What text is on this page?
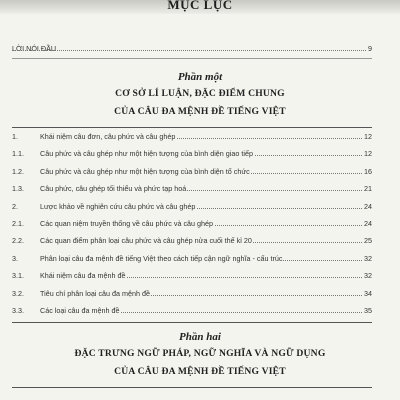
MỤC LỤC
LỜI NÓI ĐẦU	9
Phần một
CƠ SỞ LÍ LUẬN, ĐẶC ĐIỂM CHUNG
CỦA CÂU ĐA MỆNH ĐỀ TIẾNG VIỆT
1.	Khái niệm câu đơn, câu phức và câu ghép	12
1.1. Câu phức và câu ghép như một hiện tượng của bình diện giao tiếp	12
1.2. Câu phức và câu ghép như một hiện tượng của bình diện tổ chức	16
1.3. Câu phức, câu ghép tối thiểu và phức tạp hoá	21
2.	Lược khảo về nghiên cứu câu phức và câu ghép	24
2.1. Các quan niệm truyền thống về câu phức và câu ghép	24
2.2. Các quan điểm phân loại câu phức và câu ghép nửa cuối thế kỉ 20	25
3.	Phân loại câu đa mệnh đề tiếng Việt theo cách tiếp cận ngữ nghĩa - cấu trúc	32
3.1. Khái niệm câu đa mệnh đề	32
3.2. Tiêu chí phân loại câu đa mệnh đề	34
3.3. Các loại câu đa mệnh đề	35
Phần hai
ĐẶC TRƯNG NGỮ PHÁP, NGỮ NGHĨA VÀ NGỮ DỤNG
CỦA CÂU ĐA MỆNH ĐỀ TIẾNG VIỆT
